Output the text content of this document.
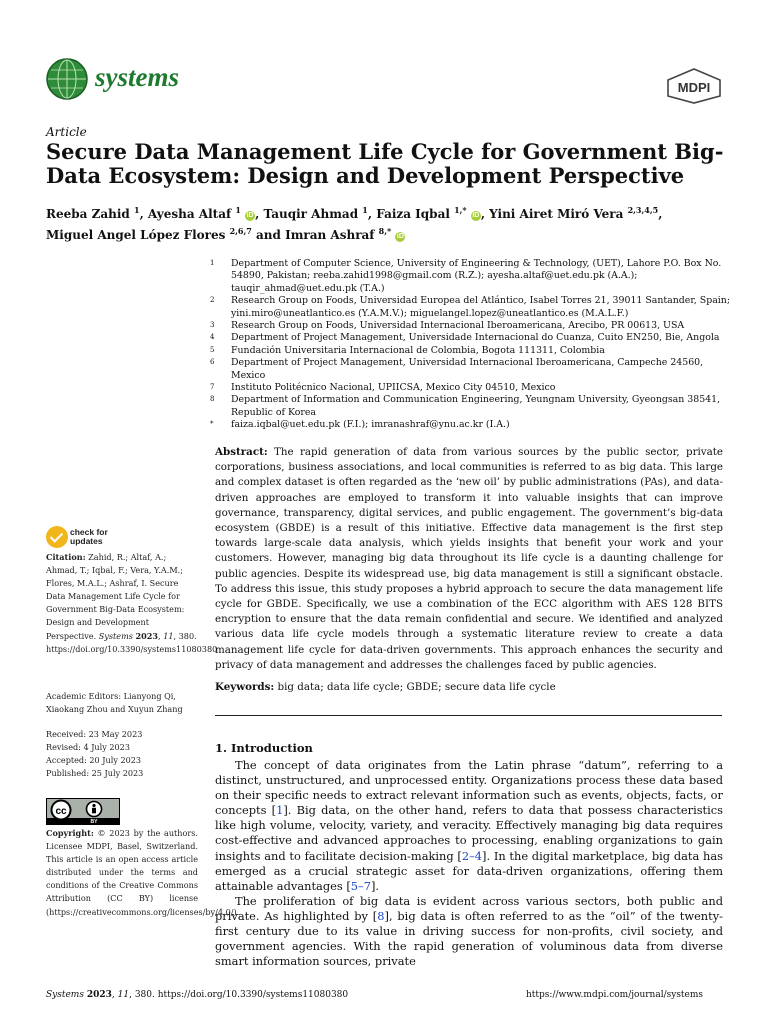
systems	MDPI
Article
Secure Data Management Life Cycle for Government Big-Data Ecosystem: Design and Development Perspective
Reeba Zahid $^1$, Ayesha Altaf $^1$ iD , Tauqir Ahmad $^1$, Faiza Iqbal $^{1,*}$ iD , Yini Airet Miró Vera $^{2,3,4,5}$,
Miguel Angel López Flores $^{2,6,7}$ and Imran Ashraf $^{8,*}$ iD
1	Department of Computer Science, University of Engineering & Technology, (UET), Lahore P.O. Box No. 54890, Pakistan; reeba.zahid1998@gmail.com (R.Z.); ayesha.altaf@uet.edu.pk (A.A.); tauqir_ahmad@uet.edu.pk (T.A.)
2	Research Group on Foods, Universidad Europea del Atlántico, Isabel Torres 21, 39011 Santander, Spain; yini.miro@uneatlantico.es (Y.A.M.V.); miguelangel.lopez@uneatlantico.es (M.A.L.F.)
3	Research Group on Foods, Universidad Internacional Iberoamericana, Arecibo, PR 00613, USA
4	Department of Project Management, Universidade Internacional do Cuanza, Cuito EN250, Bie, Angola
5	Fundación Universitaria Internacional de Colombia, Bogota 111311, Colombia
6	Department of Project Management, Universidad Internacional Iberoamericana, Campeche 24560, Mexico
7	Instituto Politécnico Nacional, UPIICSA, Mexico City 04510, Mexico
8	Department of Information and Communication Engineering, Yeungnam University, Gyeongsan 38541, Republic of Korea
*	faiza.iqbal@uet.edu.pk (F.I.); imranashraf@ynu.ac.kr (I.A.)
Abstract: The rapid generation of data from various sources by the public sector, private corporations, business associations, and local communities is referred to as big data. This large and complex dataset is often regarded as the ‘new oil’ by public administrations (PAs), and data-driven approaches are employed to transform it into valuable insights that can improve governance, transparency, digital services, and public engagement. The government’s big-data ecosystem (GBDE) is a result of this initiative. Effective data management is the first step towards large-scale data analysis, which yields insights that benefit your work and your customers. However, managing big data throughout its life cycle is a daunting challenge for public agencies. Despite its widespread use, big data management is still a significant obstacle. To address this issue, this study proposes a hybrid approach to secure the data management life cycle for GBDE. Specifically, we use a combination of the ECC algorithm with AES 128 BITS encryption to ensure that the data remain confidential and secure. We identified and analyzed various data life cycle models through a systematic literature review to create a data management life cycle for data-driven governments. This approach enhances the security and privacy of data management and addresses the challenges faced by public agencies.
Keywords: big data; data life cycle; GBDE; secure data life cycle
1. Introduction

The concept of data originates from the Latin phrase “datum”, referring to a distinct, unstructured, and unprocessed entity. Organizations process these data based on their specific needs to extract relevant information such as events, objects, facts, or concepts [1]. Big data, on the other hand, refers to data that possess characteristics like high volume, velocity, variety, and veracity. Effectively managing big data requires cost-effective and advanced approaches to processing, enabling organizations to gain insights and to facilitate decision-making [2–4]. In the digital marketplace, big data has emerged as a crucial strategic asset for data-driven organizations, offering them attainable advantages [5–7].

The proliferation of big data is evident across various sectors, both public and private. As highlighted by [8], big data is often referred to as the “oil” of the twenty-first century due to its value in driving success for non-profits, civil society, and government agencies. With the rapid generation of voluminous data from diverse smart information sources, private

check for
updates
Citation: Zahid, R.; Altaf, A.; Ahmad, T.; Iqbal, F.; Vera, Y.A.M.; Flores, M.A.L.; Ashraf, I. Secure Data Management Life Cycle for Government Big-Data Ecosystem: Design and Development Perspective. Systems 2023, 11, 380. https://doi.org/10.3390/systems11080380
Academic Editors: Lianyong Qi, Xiaokang Zhou and Xuyun Zhang
Received: 23 May 2023
Revised: 4 July 2023
Accepted: 20 July 2023
Published: 25 July 2023
cc
BY
Copyright: © 2023 by the authors. Licensee MDPI, Basel, Switzerland. This article is an open access article distributed under the terms and conditions of the Creative Commons Attribution (CC BY) license (https://creativecommons.org/licenses/by/4.0/).
Systems 2023, 11, 380. https://doi.org/10.3390/systems11080380	https://www.mdpi.com/journal/systems
